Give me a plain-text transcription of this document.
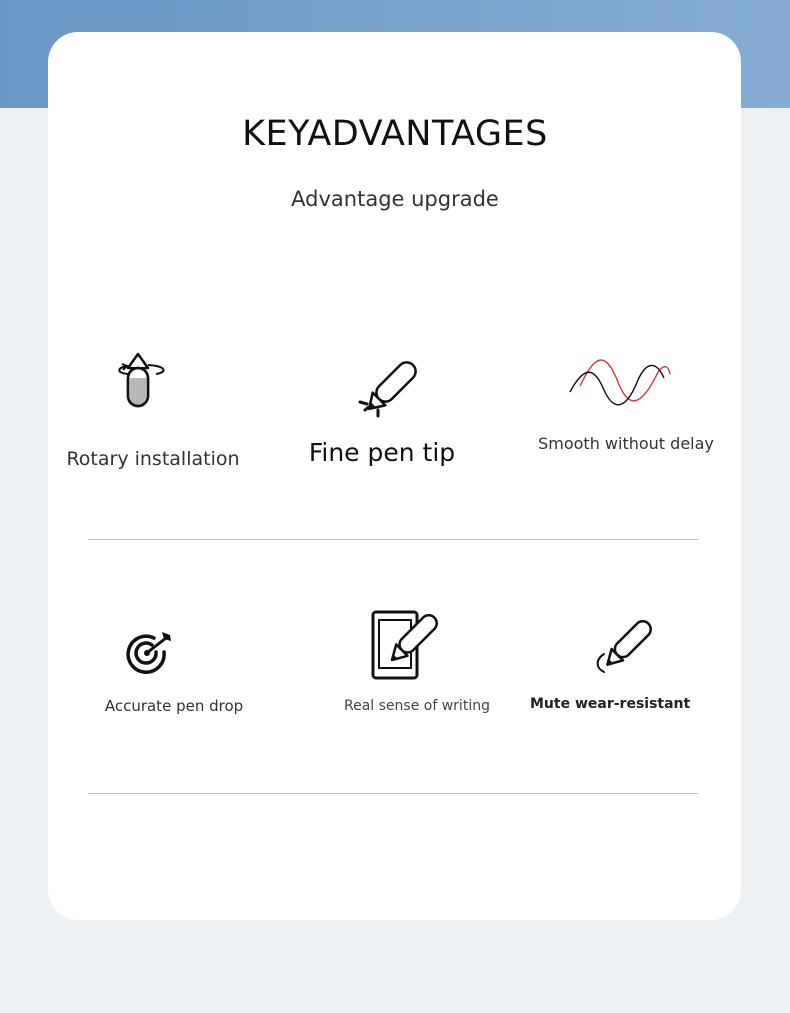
KEYADVANTAGES
Advantage upgrade
Rotary installation	Fine pen tip	Smooth without delay
Accurate pen drop	Real sense of writing	Mute wear-resistant
